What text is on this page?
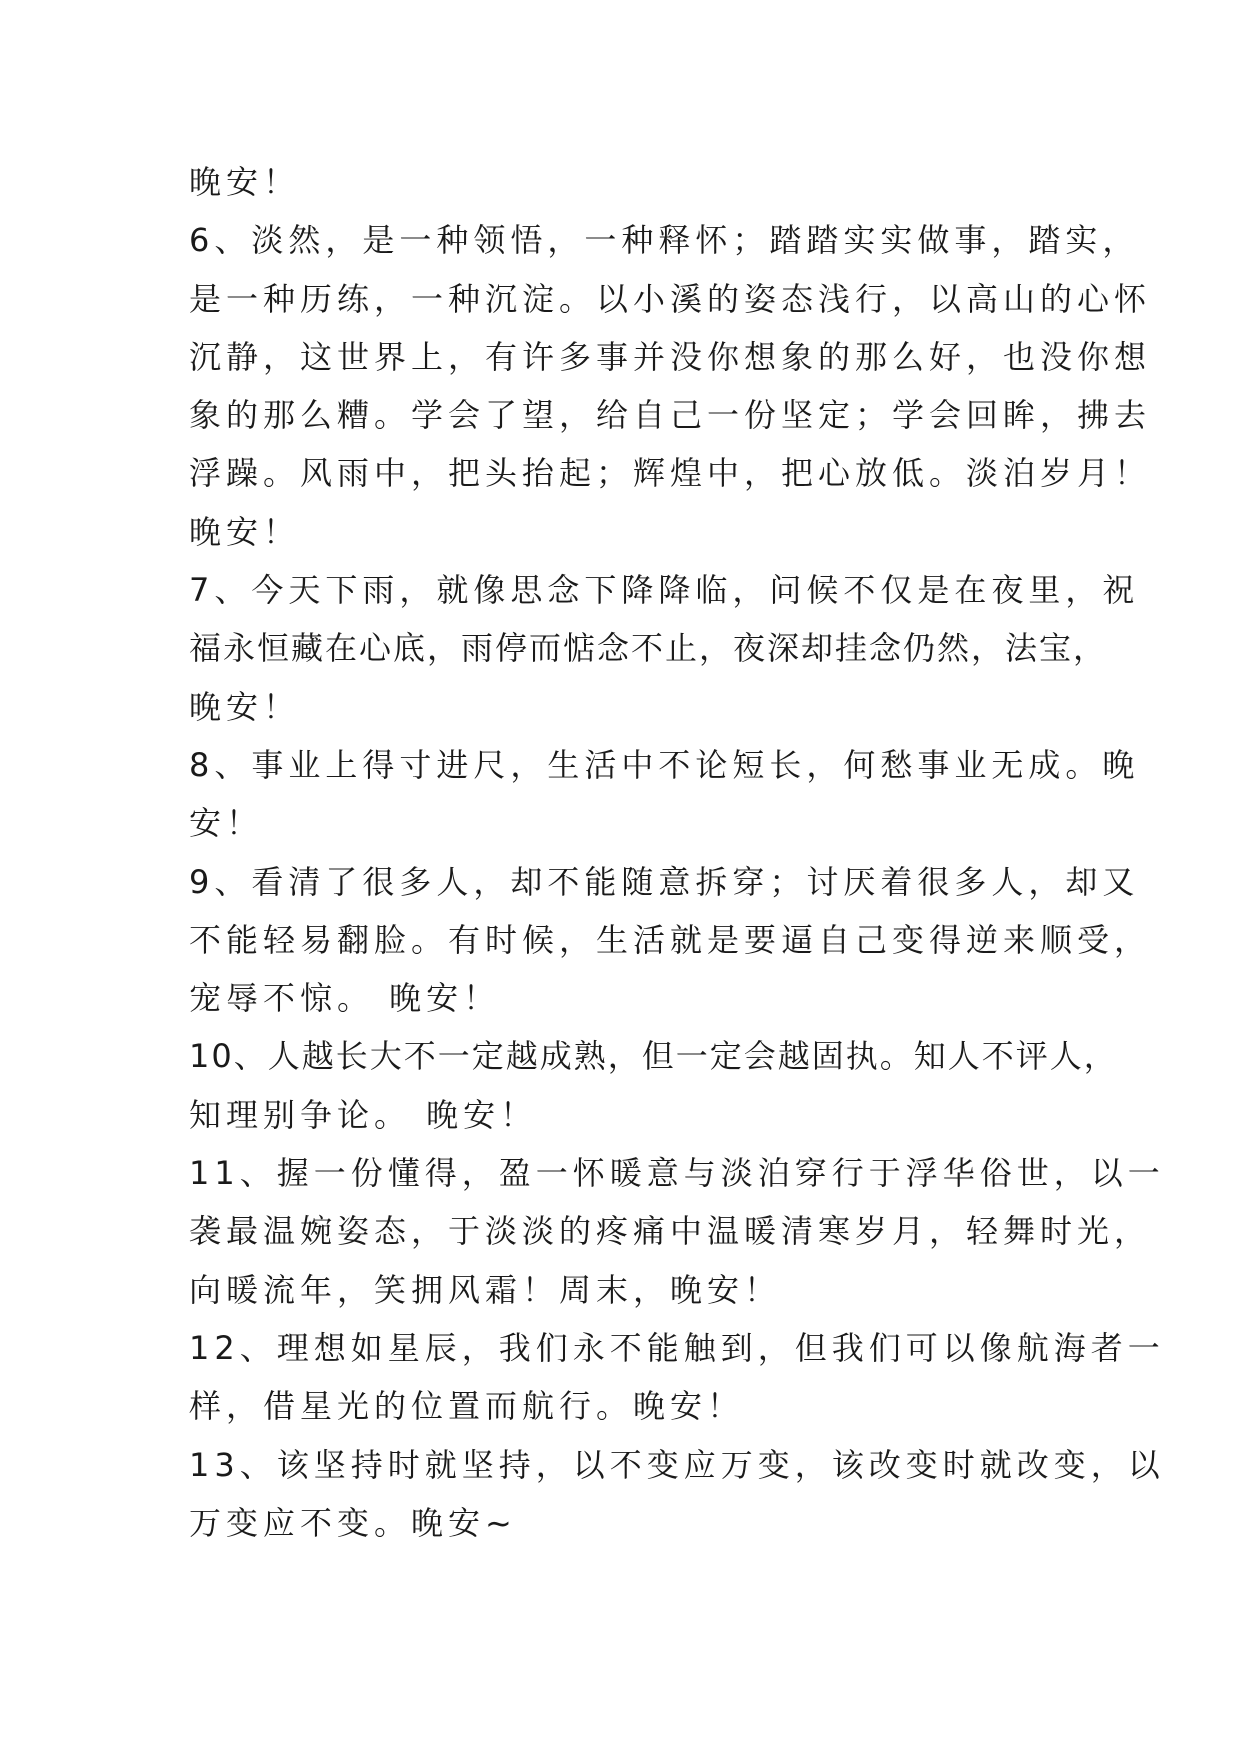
晚安！
6、淡然，是一种领悟，一种释怀；踏踏实实做事，踏实，
是一种历练，一种沉淀。以小溪的姿态浅行，以高山的心怀
沉静，这世界上，有许多事并没你想象的那么好，也没你想
象的那么糟。学会了望，给自己一份坚定；学会回眸，拂去
浮躁。风雨中，把头抬起；辉煌中，把心放低。淡泊岁月！
晚安！
7、今天下雨，就像思念下降降临，问候不仅是在夜里，祝
福永恒藏在心底，雨停而惦念不止，夜深却挂念仍然，法宝，
晚安！
8、事业上得寸进尺，生活中不论短长，何愁事业无成。晚
安！
9、看清了很多人，却不能随意拆穿；讨厌着很多人，却又
不能轻易翻脸。有时候，生活就是要逼自己变得逆来顺受，
宠辱不惊。 晚安！
10、人越长大不一定越成熟，但一定会越固执。知人不评人，
知理别争论。 晚安！
11、握一份懂得，盈一怀暖意与淡泊穿行于浮华俗世，以一
袭最温婉姿态，于淡淡的疼痛中温暖清寒岁月，轻舞时光，
向暖流年，笑拥风霜！周末，晚安！
12、理想如星辰，我们永不能触到，但我们可以像航海者一
样，借星光的位置而航行。晚安！
13、该坚持时就坚持，以不变应万变，该改变时就改变，以
万变应不变。晚安~
